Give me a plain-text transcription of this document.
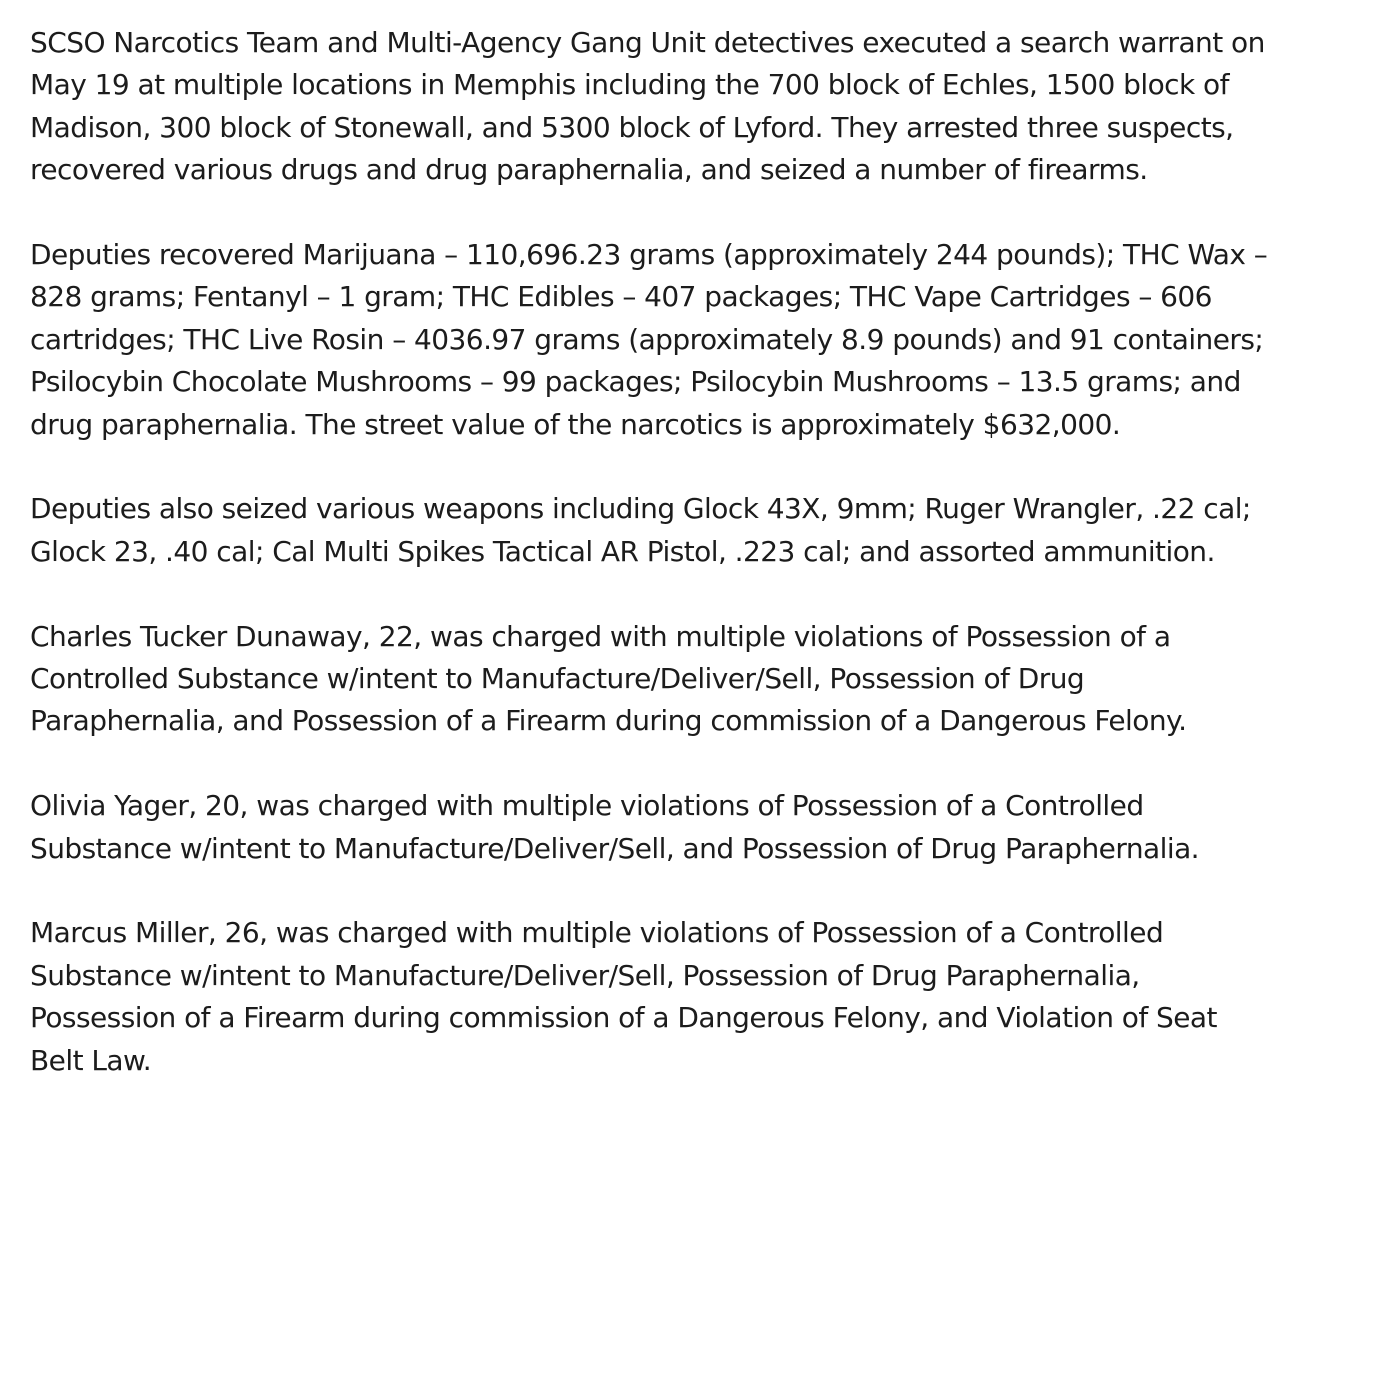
SCSO Narcotics Team and Multi-Agency Gang Unit detectives executed a search warrant on
May 19 at multiple locations in Memphis including the 700 block of Echles, 1500 block of
Madison, 300 block of Stonewall, and 5300 block of Lyford. They arrested three suspects,
recovered various drugs and drug paraphernalia, and seized a number of firearms.

Deputies recovered Marijuana – 110,696.23 grams (approximately 244 pounds); THC Wax –
828 grams; Fentanyl – 1 gram; THC Edibles – 407 packages; THC Vape Cartridges – 606
cartridges; THC Live Rosin – 4036.97 grams (approximately 8.9 pounds) and 91 containers;
Psilocybin Chocolate Mushrooms – 99 packages; Psilocybin Mushrooms – 13.5 grams; and
drug paraphernalia. The street value of the narcotics is approximately $632,000.

Deputies also seized various weapons including Glock 43X, 9mm; Ruger Wrangler, .22 cal;
Glock 23, .40 cal; Cal Multi Spikes Tactical AR Pistol, .223 cal; and assorted ammunition.

Charles Tucker Dunaway, 22, was charged with multiple violations of Possession of a
Controlled Substance w/intent to Manufacture/Deliver/Sell, Possession of Drug
Paraphernalia, and Possession of a Firearm during commission of a Dangerous Felony.

Olivia Yager, 20, was charged with multiple violations of Possession of a Controlled
Substance w/intent to Manufacture/Deliver/Sell, and Possession of Drug Paraphernalia.

Marcus Miller, 26, was charged with multiple violations of Possession of a Controlled
Substance w/intent to Manufacture/Deliver/Sell, Possession of Drug Paraphernalia,
Possession of a Firearm during commission of a Dangerous Felony, and Violation of Seat
Belt Law.
